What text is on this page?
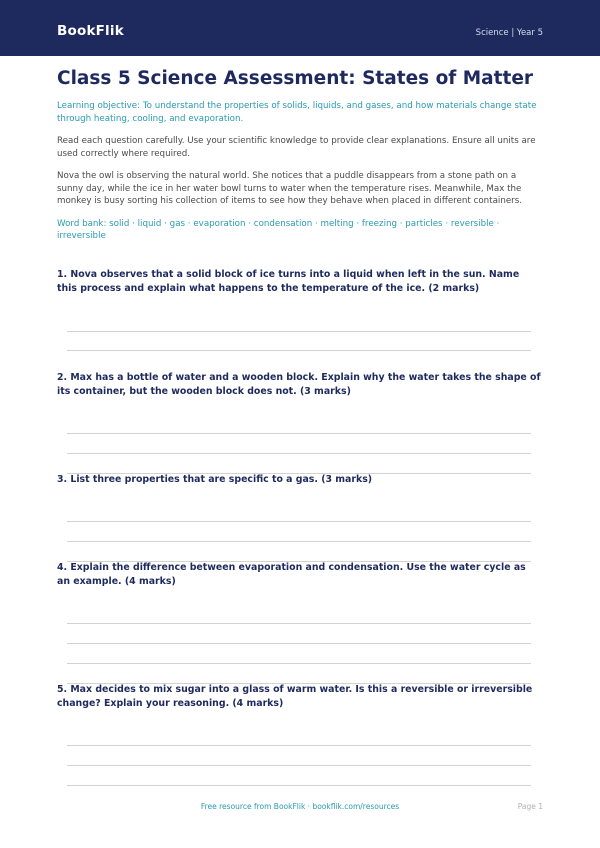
BookFlik	Science | Year 5
Class 5 Science Assessment: States of Matter

Learning objective: To understand the properties of solids, liquids, and gases, and how materials change state through heating, cooling, and evaporation.

Read each question carefully. Use your scientific knowledge to provide clear explanations. Ensure all units are used correctly where required.

Nova the owl is observing the natural world. She notices that a puddle disappears from a stone path on a sunny day, while the ice in her water bowl turns to water when the temperature rises. Meanwhile, Max the monkey is busy sorting his collection of items to see how they behave when placed in different containers.

Word bank: solid · liquid · gas · evaporation · condensation · melting · freezing · particles · reversible · irreversible

1. Nova observes that a solid block of ice turns into a liquid when left in the sun. Name this process and explain what happens to the temperature of the ice. (2 marks)
2. Max has a bottle of water and a wooden block. Explain why the water takes the shape of its container, but the wooden block does not. (3 marks)
3. List three properties that are specific to a gas. (3 marks)
4. Explain the difference between evaporation and condensation. Use the water cycle as an example. (4 marks)
5. Max decides to mix sugar into a glass of warm water. Is this a reversible or irreversible change? Explain your reasoning. (4 marks)
Free resource from BookFlik · bookflik.com/resources	Page 1
